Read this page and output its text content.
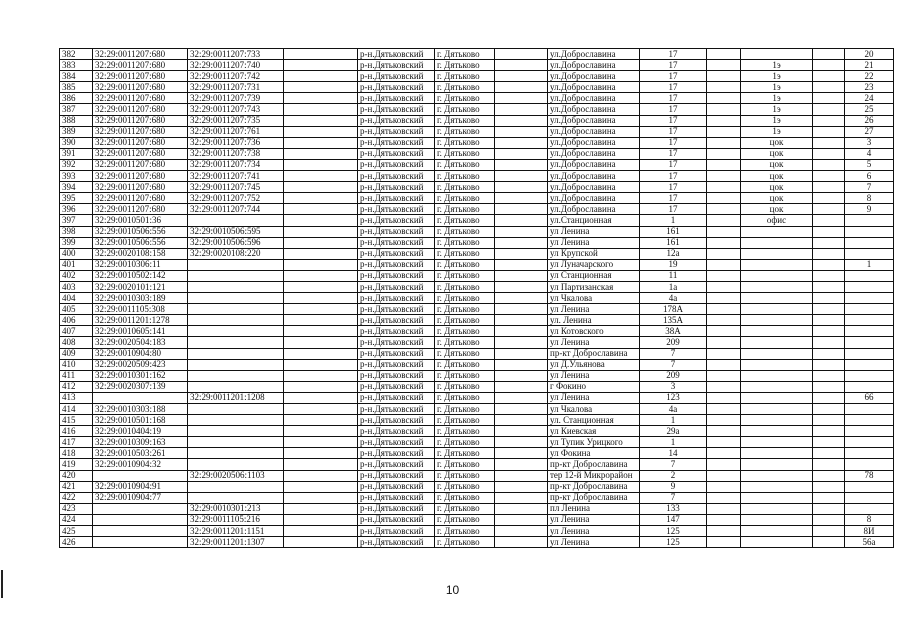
382	32:29:0011207:680	32:29:0011207:733		р-н.Дятьковский	г. Дятьково		ул.Доброславина	17				20
383	32:29:0011207:680	32:29:0011207:740		р-н.Дятьковский	г. Дятьково		ул.Доброславина	17		1э		21
384	32:29:0011207:680	32:29:0011207:742		р-н.Дятьковский	г. Дятьково		ул.Доброславина	17		1э		22
385	32:29:0011207:680	32:29:0011207:731		р-н.Дятьковский	г. Дятьково		ул.Доброславина	17		1э		23
386	32:29:0011207:680	32:29:0011207:739		р-н.Дятьковский	г. Дятьково		ул.Доброславина	17		1э		24
387	32:29:0011207:680	32:29:0011207:743		р-н.Дятьковский	г. Дятьково		ул.Доброславина	17		1э		25
388	32:29:0011207:680	32:29:0011207:735		р-н.Дятьковский	г. Дятьково		ул.Доброславина	17		1э		26
389	32:29:0011207:680	32:29:0011207:761		р-н.Дятьковский	г. Дятьково		ул.Доброславина	17		1э		27
390	32:29:0011207:680	32:29:0011207:736		р-н.Дятьковский	г. Дятьково		ул.Доброславина	17		цок		3
391	32:29:0011207:680	32:29:0011207:738		р-н.Дятьковский	г. Дятьково		ул.Доброславина	17		цок		4
392	32:29:0011207:680	32:29:0011207:734		р-н.Дятьковский	г. Дятьково		ул.Доброславина	17		цок		5
393	32:29:0011207:680	32:29:0011207:741		р-н.Дятьковский	г. Дятьково		ул.Доброславина	17		цок		6
394	32:29:0011207:680	32:29:0011207:745		р-н.Дятьковский	г. Дятьково		ул.Доброславина	17		цок		7
395	32:29:0011207:680	32:29:0011207:752		р-н.Дятьковский	г. Дятьково		ул.Доброславина	17		цок		8
396	32:29:0011207:680	32:29:0011207:744		р-н.Дятьковский	г. Дятьково		ул.Доброславина	17		цок		9
397	32:29:0010501:36			р-н.Дятьковский	г. Дятьково		ул.Станционная	1		офис		
398	32:29:0010506:556	32:29:0010506:595		р-н.Дятьковский	г. Дятьково		ул Ленина	161				
399	32:29:0010506:556	32:29:0010506:596		р-н.Дятьковский	г. Дятьково		ул Ленина	161				
400	32:29:0020108:158	32:29:0020108:220		р-н.Дятьковский	г. Дятьково		ул Крупской	12а				
401	32:29:0010306:11			р-н.Дятьковский	г. Дятьково		ул Луначарского	19				1
402	32:29:0010502:142			р-н.Дятьковский	г. Дятьково		ул Станционная	11				
403	32:29:0020101:121			р-н.Дятьковский	г. Дятьково		ул Партизанская	1а				
404	32:29:0010303:189			р-н.Дятьковский	г. Дятьково		ул Чкалова	4а				
405	32:29:0011105:308			р-н.Дятьковский	г. Дятьково		ул Ленина	178А				
406	32:29:0011201:1278			р-н.Дятьковский	г. Дятьково		ул. Ленина	135А				
407	32:29:0010605:141			р-н.Дятьковский	г. Дятьково		ул Котовского	38А				
408	32:29:0020504:183			р-н.Дятьковский	г. Дятьково		ул Ленина	209				
409	32:29:0010904:80			р-н.Дятьковский	г. Дятьково		пр-кт Доброславина	7				
410	32:29:0020509:423			р-н.Дятьковский	г. Дятьково		ул Д.Ульянова	7				
411	32:29:0010301:162			р-н.Дятьковский	г. Дятьково		ул Ленина	209				
412	32:29:0020307:139			р-н.Дятьковский	г. Дятьково		г Фокино	3				
413		32:29:0011201:1208		р-н.Дятьковский	г. Дятьково		ул Ленина	123				66
414	32:29:0010303:188			р-н.Дятьковский	г. Дятьково		ул Чкалова	4а				
415	32:29:0010501:168			р-н.Дятьковский	г. Дятьково		ул. Станционная	1				
416	32:29:0010404:19			р-н.Дятьковский	г. Дятьково		ул Киевская	29а				
417	32:29:0010309:163			р-н.Дятьковский	г. Дятьково		ул Тупик Урицкого	1				
418	32:29:0010503:261			р-н.Дятьковский	г. Дятьково		ул Фокина	14				
419	32:29:0010904:32			р-н.Дятьковский	г. Дятьково		пр-кт Доброславина	7				
420		32:29:0020506:1103		р-н.Дятьковский	г. Дятьково		тер 12-й Микрорайон	2				78
421	32:29:0010904:91			р-н.Дятьковский	г. Дятьково		пр-кт Доброславина	9				
422	32:29:0010904:77			р-н.Дятьковский	г. Дятьково		пр-кт Доброславина	7				
423		32:29:0010301:213		р-н.Дятьковский	г. Дятьково		пл Ленина	133				
424		32:29:0011105:216		р-н.Дятьковский	г. Дятьково		ул Ленина	147				8
425		32:29:0011201:1151		р-н.Дятьковский	г. Дятьково		ул Ленина	125				8И
426		32:29:0011201:1307		р-н.Дятьковский	г. Дятьково		ул Ленина	125				56а
10
